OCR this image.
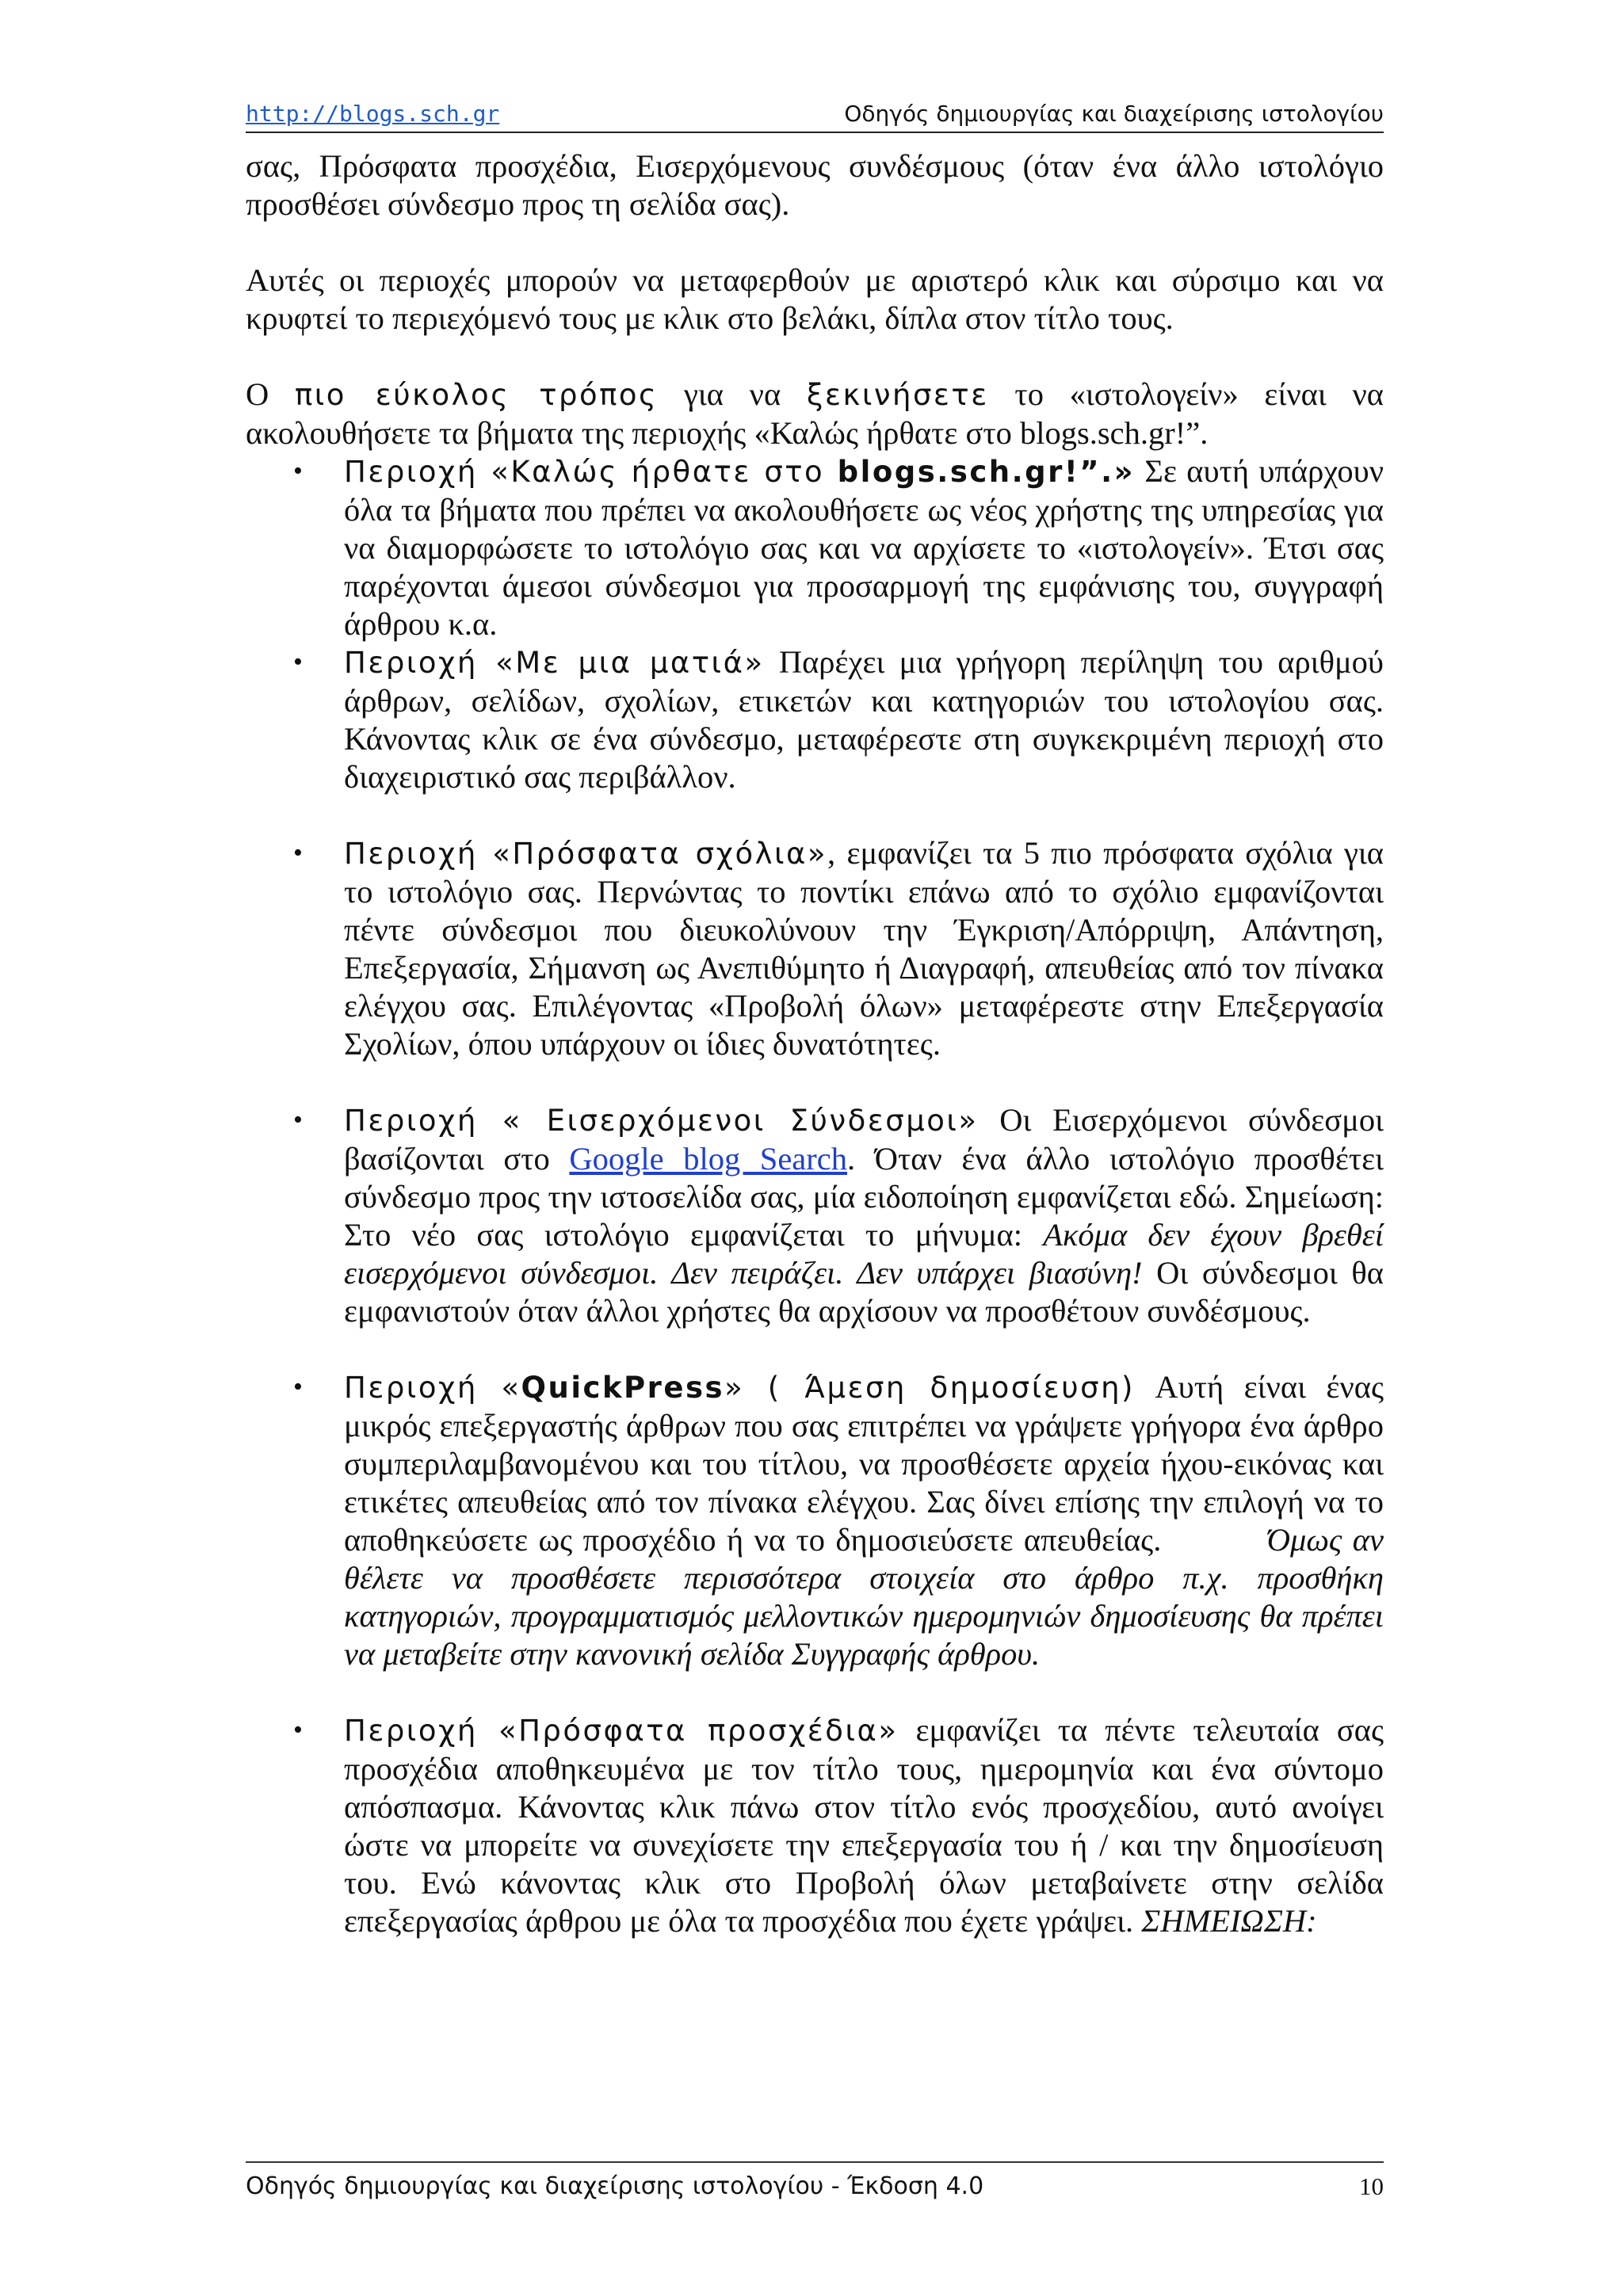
http://blogs.sch.gr	Οδηγός δημιουργίας και διαχείρισης ιστολογίου

σας, Πρόσφατα προσχέδια, Εισερχόμενους συνδέσμους (όταν ένα άλλο ιστολόγιο προσθέσει σύνδεσμο προς τη σελίδα σας).

Αυτές οι περιοχές μπορούν να μεταφερθούν με αριστερό κλικ και σύρσιμο και να κρυφτεί το περιεχόμενό τους με κλικ στο βελάκι, δίπλα στον τίτλο τους.

Ο πιο εύκολος τρόπος για να ξεκινήσετε το «ιστολογείν» είναι να ακολουθήσετε τα βήματα της περιοχής «Καλώς ήρθατε στο blogs.sch.gr!”.

• Περιοχή «Καλώς ήρθατε στο blogs.sch.gr!”.» Σε αυτή υπάρχουν όλα τα βήματα που πρέπει να ακολουθήσετε ως νέος χρήστης της υπηρεσίας για να διαμορφώσετε το ιστολόγιο σας και να αρχίσετε το «ιστολογείν». Έτσι σας παρέχονται άμεσοι σύνδεσμοι για προσαρμογή της εμφάνισης του, συγγραφή άρθρου κ.α.
• Περιοχή «Με μια ματιά» Παρέχει μια γρήγορη περίληψη του αριθμού άρθρων, σελίδων, σχολίων, ετικετών και κατηγοριών του ιστολογίου σας. Κάνοντας κλικ σε ένα σύνδεσμο, μεταφέρεστε στη συγκεκριμένη περιοχή στο διαχειριστικό σας περιβάλλον.
• Περιοχή «Πρόσφατα σχόλια», εμφανίζει τα 5 πιο πρόσφατα σχόλια για το ιστολόγιο σας. Περνώντας το ποντίκι επάνω από το σχόλιο εμφανίζονται πέντε σύνδεσμοι που διευκολύνουν την Έγκριση/Απόρριψη, Απάντηση, Επεξεργασία, Σήμανση ως Ανεπιθύμητο ή Διαγραφή, απευθείας από τον πίνακα ελέγχου σας. Επιλέγοντας «Προβολή όλων» μεταφέρεστε στην Επεξεργασία Σχολίων, όπου υπάρχουν οι ίδιες δυνατότητες.
• Περιοχή « Εισερχόμενοι Σύνδεσμοι» Οι Εισερχόμενοι σύνδεσμοι βασίζονται στο Google blog Search. Όταν ένα άλλο ιστολόγιο προσθέτει σύνδεσμο προς την ιστοσελίδα σας, μία ειδοποίηση εμφανίζεται εδώ. Σημείωση: Στο νέο σας ιστολόγιο εμφανίζεται το μήνυμα: Ακόμα δεν έχουν βρεθεί εισερχόμενοι σύνδεσμοι. Δεν πειράζει. Δεν υπάρχει βιασύνη! Οι σύνδεσμοι θα εμφανιστούν όταν άλλοι χρήστες θα αρχίσουν να προσθέτουν συνδέσμους.
• Περιοχή «QuickPress» ( Άμεση δημοσίευση) Αυτή είναι ένας μικρός επεξεργαστής άρθρων που σας επιτρέπει να γράψετε γρήγορα ένα άρθρο συμπεριλαμβανομένου και του τίτλου, να προσθέσετε αρχεία ήχου-εικόνας και ετικέτες απευθείας από τον πίνακα ελέγχου. Σας δίνει επίσης την επιλογή να το αποθηκεύσετε ως προσχέδιο ή να το δημοσιεύσετε απευθείας.	Όμως αν θέλετε να προσθέσετε περισσότερα στοιχεία στο άρθρο π.χ. προσθήκη κατηγοριών, προγραμματισμός μελλοντικών ημερομηνιών δημοσίευσης θα πρέπει να μεταβείτε στην κανονική σελίδα Συγγραφής άρθρου.
• Περιοχή «Πρόσφατα προσχέδια» εμφανίζει τα πέντε τελευταία σας προσχέδια αποθηκευμένα με τον τίτλο τους, ημερομηνία και ένα σύντομο απόσπασμα. Κάνοντας κλικ πάνω στον τίτλο ενός προσχεδίου, αυτό ανοίγει ώστε να μπορείτε να συνεχίσετε την επεξεργασία του ή / και την δημοσίευση του. Ενώ κάνοντας κλικ στο Προβολή όλων μεταβαίνετε στην σελίδα επεξεργασίας άρθρου με όλα τα προσχέδια που έχετε γράψει. ΣΗΜΕΙΩΣΗ:
Οδηγός δημιουργίας και διαχείρισης ιστολογίου - Έκδοση 4.0	10
